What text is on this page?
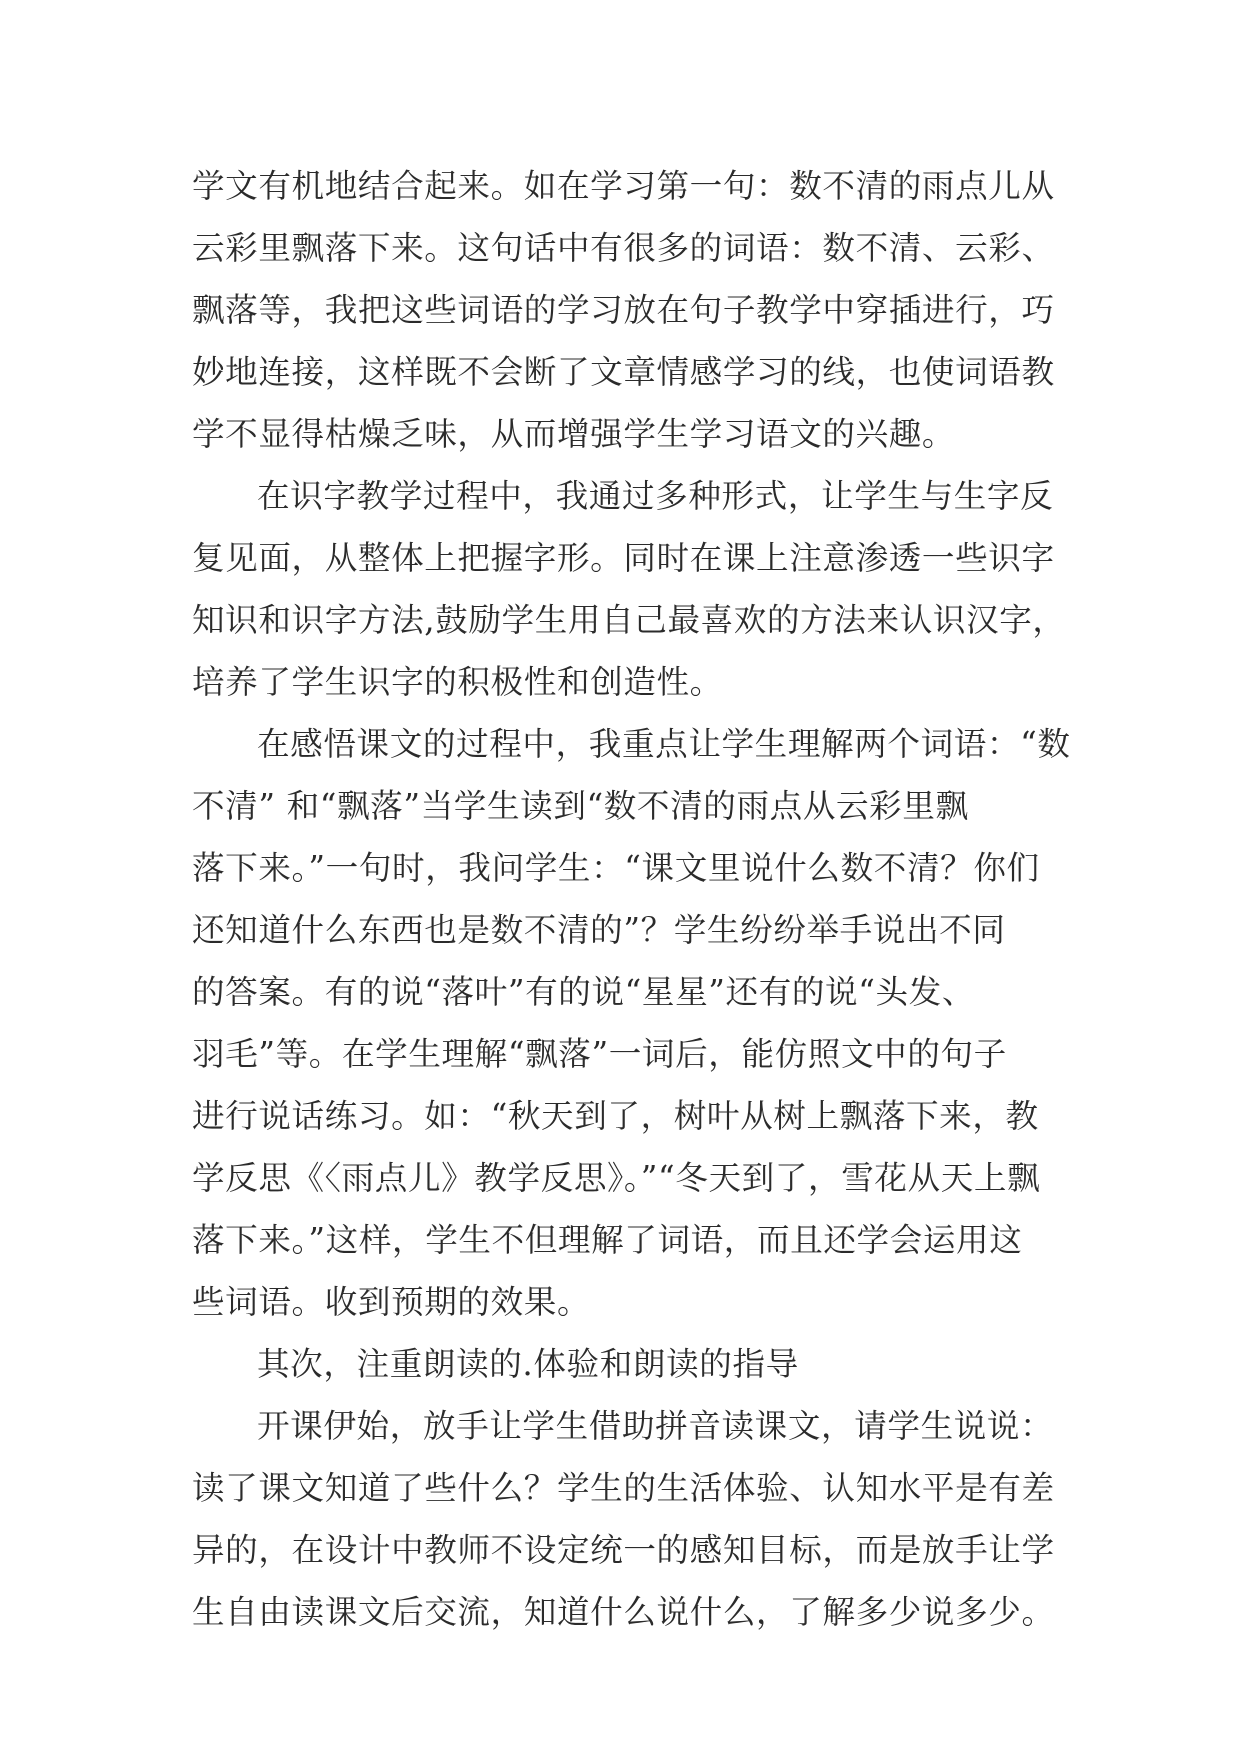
学文有机地结合起来。如在学习第一句：数不清的雨点儿从
云彩里飘落下来。这句话中有很多的词语：数不清、云彩、
飘落等，我把这些词语的学习放在句子教学中穿插进行，巧
妙地连接，这样既不会断了文章情感学习的线，也使词语教
学不显得枯燥乏味，从而增强学生学习语文的兴趣。
在识字教学过程中，我通过多种形式，让学生与生字反
复见面，从整体上把握字形。同时在课上注意渗透一些识字
知识和识字方法,鼓励学生用自己最喜欢的方法来认识汉字，
培养了学生识字的积极性和创造性。
在感悟课文的过程中，我重点让学生理解两个词语：“数
不清” 和“飘落”当学生读到“数不清的雨点从云彩里飘
落下来。”一句时，我问学生：“课文里说什么数不清？你们
还知道什么东西也是数不清的”？学生纷纷举手说出不同
的答案。有的说“落叶”有的说“星星”还有的说“头发、
羽毛”等。在学生理解“飘落”一词后，能仿照文中的句子
进行说话练习。如：“秋天到了，树叶从树上飘落下来，教
学反思《〈雨点儿》教学反思》。”“冬天到了，雪花从天上飘
落下来。”这样，学生不但理解了词语，而且还学会运用这
些词语。收到预期的效果。
其次，注重朗读的.体验和朗读的指导
开课伊始，放手让学生借助拼音读课文，请学生说说：
读了课文知道了些什么？学生的生活体验、认知水平是有差
异的，在设计中教师不设定统一的感知目标，而是放手让学
生自由读课文后交流，知道什么说什么，了解多少说多少。
